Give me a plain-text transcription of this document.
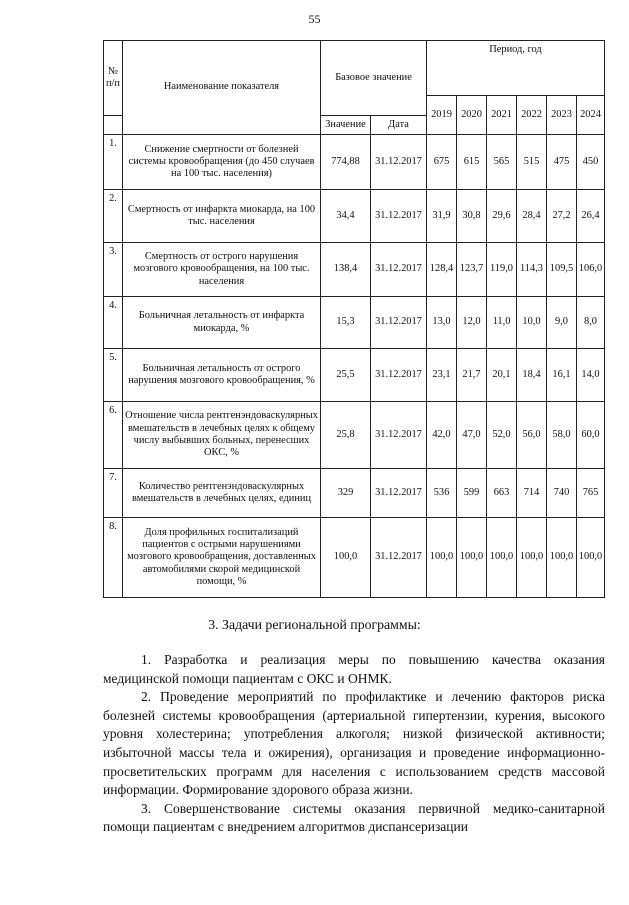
55
№ п/п	Наименование показателя	Базовое значение		Период, год					
				2019	2020	2021	2022	2023	2024
		Значение	Дата						
1.	Снижение смертности от болезней системы кровообращения (до 450 случаев на 100 тыс. населения)	774,88	31.12.2017	675	615	565	515	475	450
2.	Смертность от инфаркта миокарда, на 100 тыс. населения	34,4	31.12.2017	31,9	30,8	29,6	28,4	27,2	26,4
3.	Смертность от острого нарушения мозгового кровообращения, на 100 тыс. населения	138,4	31.12.2017	128,4	123,7	119,0	114,3	109,5	106,0
4.	Больничная летальность от инфаркта миокарда, %	15,3	31.12.2017	13,0	12,0	11,0	10,0	9,0	8,0
5.	Больничная летальность от острого нарушения мозгового кровообращения, %	25,5	31.12.2017	23,1	21,7	20,1	18,4	16,1	14,0
6.	Отношение числа рентгенэндоваскулярных вмешательств в лечебных целях к общему числу выбывших больных, перенесших ОКС, %	25,8	31.12.2017	42,0	47,0	52,0	56,0	58,0	60,0
7.	Количество рентгенэндоваскулярных вмешательств в лечебных целях, единиц	329	31.12.2017	536	599	663	714	740	765
8.	Доля профильных госпитализаций пациентов с острыми нарушениями мозгового кровообращения, доставленных автомобилями скорой медицинской помощи, %	100,0	31.12.2017	100,0	100,0	100,0	100,0	100,0	100,0
3. Задачи региональной программы:

1. Разработка и реализация меры по повышению качества оказания медицинской помощи пациентам с ОКС и ОНМК.

2. Проведение мероприятий по профилактике и лечению факторов риска болезней системы кровообращения (артериальной гипертензии, курения, высокого уровня холестерина; употребления алкоголя; низкой физической активности; избыточной массы тела и ожирения), организация и проведение информационно-просветительских программ для населения с использованием средств массовой информации. Формирование здорового образа жизни.

3. Совершенствование системы оказания первичной медико-санитарной помощи пациентам с внедрением алгоритмов диспансеризации
